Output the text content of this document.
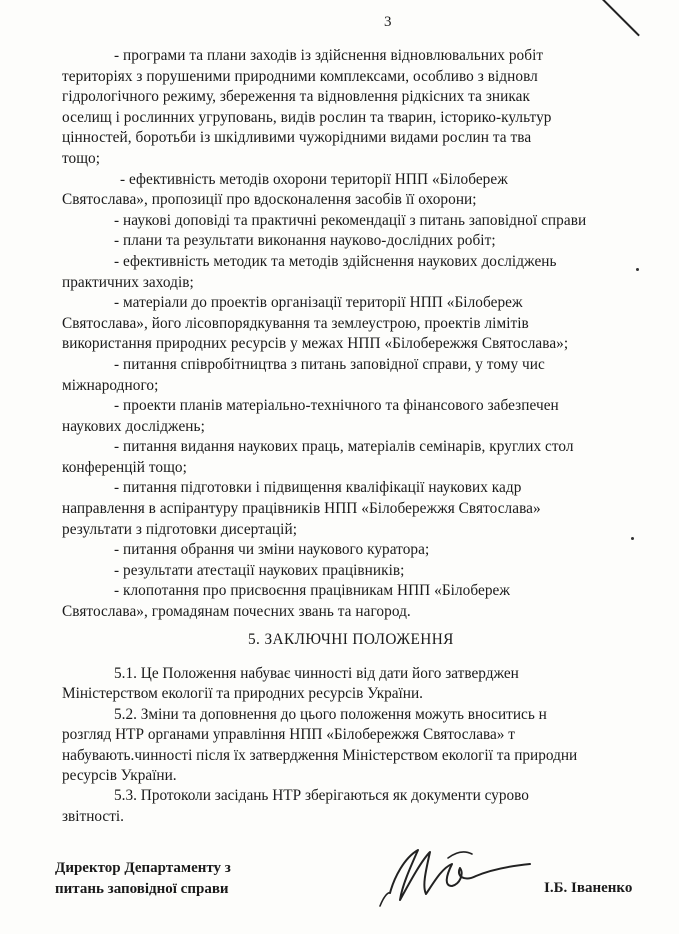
3
- програми та плани заходів із здійснення відновлювальних робіт
територіях з порушеними природними комплексами, особливо з відновл
гідрологічного режиму, збереження та відновлення рідкісних та зникак
оселищ і рослинних угруповань, видів рослин та тварин, історико-культур
цінностей, боротьби із шкідливими чужорідними видами рослин та тва
тощо;
- ефективність методів охорони території НПП «Білобереж
Святослава», пропозиції про вдосконалення засобів її охорони;
- наукові доповіді та практичні рекомендації з питань заповідної справи
- плани та результати виконання науково-дослідних робіт;
- ефективність методик та методів здійснення наукових досліджень
практичних заходів;
- матеріали до проектів організації території НПП «Білобереж
Святослава», його лісовпорядкування та землеустрою, проектів лімітів
використання природних ресурсів у межах НПП «Білобережжя Святослава»;
- питання співробітництва з питань заповідної справи, у тому чис
міжнародного;
- проекти планів матеріально-технічного та фінансового забезпечен
наукових досліджень;
- питання видання наукових праць, матеріалів семінарів, круглих стол
конференцій тощо;
- питання підготовки і підвищення кваліфікації наукових кадр
направлення в аспірантуру працівників НПП «Білобережжя Святослава»
результати з підготовки дисертацій;
- питання обрання чи зміни наукового куратора;
- результати атестації наукових працівників;
- клопотання про присвоєння працівникам НПП «Білобереж
Святослава», громадянам почесних звань та нагород.
5. ЗАКЛЮЧНІ ПОЛОЖЕННЯ
5.1. Це Положення набуває чинності від дати його затверджен
Міністерством екології та природних ресурсів України.
5.2. Зміни та доповнення до цього положення можуть вноситись н
розгляд НТР органами управління НПП «Білобережжя Святослава» т
набувають.чинності після їх затвердження Міністерством екології та природни
ресурсів України.
5.3. Протоколи засідань НТР зберігаються як документи сурово
звітності.
Директор Департаменту з
питань заповідної справи	І.Б. Іваненко
